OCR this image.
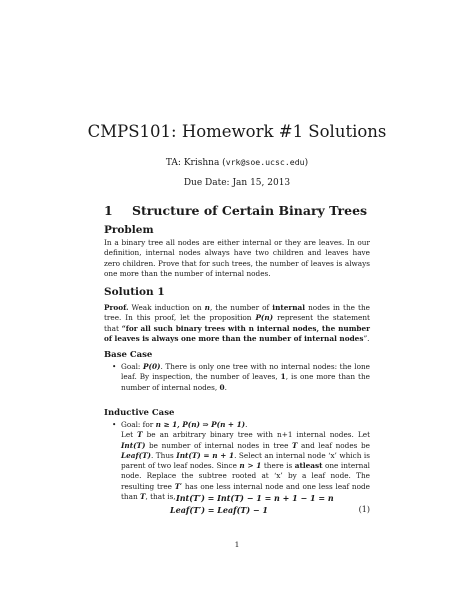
CMPS101: Homework #1 Solutions
TA: Krishna (vrk@soe.ucsc.edu)
Due Date: Jan 15, 2013
1 Structure of Certain Binary Trees
Problem

In a binary tree all nodes are either internal or they are leaves. In our definition, internal nodes always have two children and leaves have zero children. Prove that for such trees, the number of leaves is always one more than the number of internal nodes.

Solution 1

Proof. Weak induction on n, the number of internal nodes in the the tree. In this proof, let the proposition P(n) represent the statement that “for all such binary trees with n internal nodes, the number of leaves is always one more than the number of internal nodes”.

Base Case
• Goal: P(0). There is only one tree with no internal nodes: the lone leaf. By inspection, the number of leaves, 1, is one more than the number of internal nodes, 0.

Inductive Case
• Goal: for n ≥ 1, P(n) ⇒ P(n + 1).

Let T be an arbitrary binary tree with n+1 internal nodes. Let Int(T) be number of internal nodes in tree T and leaf nodes be Leaf(T). Thus Int(T) = n + 1. Select an internal node ‘x’ which is parent of two leaf nodes. Since n > 1 there is atleast one internal node. Replace the subtree rooted at ‘x’ by a leaf node. The resulting tree T′ has one less internal node and one less leaf node than T, that is, Int(T′) = Int(T) − 1 = n + 1 − 1 = n
Leaf(T′) = Leaf(T) − 1	(1)
1
